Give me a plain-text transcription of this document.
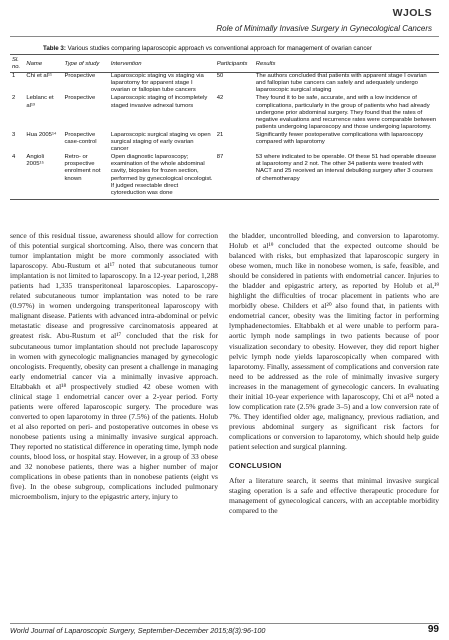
WJOLS
Role of Minimally Invasive Surgery in Gynecological Cancers
Table 3: Various studies comparing laparoscopic approach vs conventional approach for management of ovarian cancer
Sl. no.	Name	Type of study	Intervention	Participants	Results
1	Chi et al¹¹	Prospective	Laparoscopic staging vs staging via laparotomy for apparent stage I ovarian or fallopian tube cancers	50	The authors concluded that patients with apparent stage I ovarian and fallopian tube cancers can safely and adequately undergo laparoscopic surgical staging
2	Leblanc et al¹³	Prospective	Laparoscopic staging of incompletely staged invasive adnexal tumors	42	They found it to be safe, accurate, and with a low incidence of complications, particularly in the group of patients who had already undergone prior abdominal surgery. They found that the rates of negative evaluations and recurrence rates were comparable between patients undergoing laparoscopy and those undergoing laparotomy.
3	Hua 2005¹⁴	Prospective case-control	Laparoscopic surgical staging vs open surgical staging of early ovarian cancer	21	Significantly fewer postoperative complications with laparoscopy compared with laparotomy
4	Angioli 2005¹⁵	Retro- or prospective enrolment not known	Open diagnostic laparoscopy; examination of the whole abdominal cavity, biopsies for frozen section, performed by gynecological oncologist. If judged resectable direct cytoreduction was done	87	53 where indicated to be operable. Of these 51 had operable disease at laparotomy and 2 not. The other 34 patients were treated with NACT and 25 received an interval debulking surgery after 3 courses of chemotherapy

sence of this residual tissue, awareness should allow for correction of this potential surgical shortcoming. Also, there was concern that tumor implantation might be more commonly associated with laparoscopy. Abu-Rustum et al¹⁷ noted that subcutaneous tumor implantation is not limited to laparoscopy. In a 12-year period, 1,288 patients had 1,335 transperitoneal laparoscopies. Laparoscopy-related subcutaneous tumor implantation was noted to be rare (0.97%) in women undergoing transperitoneal laparoscopy with malignant disease. Patients with advanced intra-abdominal or pelvic metastatic disease and progressive carcinomatosis appeared at greatest risk. Abu-Rustum et al¹⁷ concluded that the risk for subcutaneous tumor implantation should not preclude laparoscopy in women with gynecologic malignancies managed by gynecologic oncologists. Frequently, obesity can present a challenge in managing early endometrial cancer via a minimally invasive approach. Eltabbakh et al¹⁸ prospectively studied 42 obese women with clinical stage 1 endometrial cancer over a 2-year period. Forty patients were offered laparoscopic surgery. The procedure was converted to open laparotomy in three (7.5%) of the patients. Holub et al also reported on peri- and postoperative outcomes in obese vs nonobese patients using a minimally invasive surgical approach. They reported no statistical difference in operating time, lymph node counts, blood loss, or hospital stay. However, in a group of 33 obese and 32 nonobese patients, there was a higher number of major complications in obese patients than in nonobese patients (eight vs five). In the obese subgroup, complications included pulmonary microembolism, injury to the epigastric artery, injury to

the bladder, uncontrolled bleeding, and conversion to laparotomy. Holub et al¹⁹ concluded that the expected outcome should be balanced with risks, but emphasized that laparoscopic surgery in obese women, much like in nonobese women, is safe, feasible, and should be considered in patients with endometrial cancer. Injuries to the bladder and epigastric artery, as reported by Holub et al,¹⁹ highlight the difficulties of trocar placement in patients who are morbidly obese. Childers et al²⁰ also found that, in patients with endometrial cancer, obesity was the limiting factor in performing lymphadenectomies. Eltabbakh et al were unable to perform para-aortic lymph node samplings in two patients because of poor visualization secondary to obesity. However, they did report higher pelvic lymph node yields laparoscopically when compared with laparotomy. Finally, assessment of complications and conversion rate need to be addressed as the role of minimally invasive surgery increases in the management of gynecologic cancers. In evaluating their initial 10-year experience with laparoscopy, Chi et al²¹ noted a low complication rate (2.5% grade 3–5) and a low conversion rate of 7%. They identified older age, malignancy, previous radiation, and previous abdominal surgery as significant risk factors for complications or conversion to laparotomy, which should help guide patient selection and surgical planning.

CONCLUSION

After a literature search, it seems that minimal invasive surgical staging operation is a safe and effective therapeutic procedure for management of gynecological cancers, with an acceptable morbidity compared to the

World Journal of Laparoscopic Surgery, September-December 2015;8(3):96-100	99
